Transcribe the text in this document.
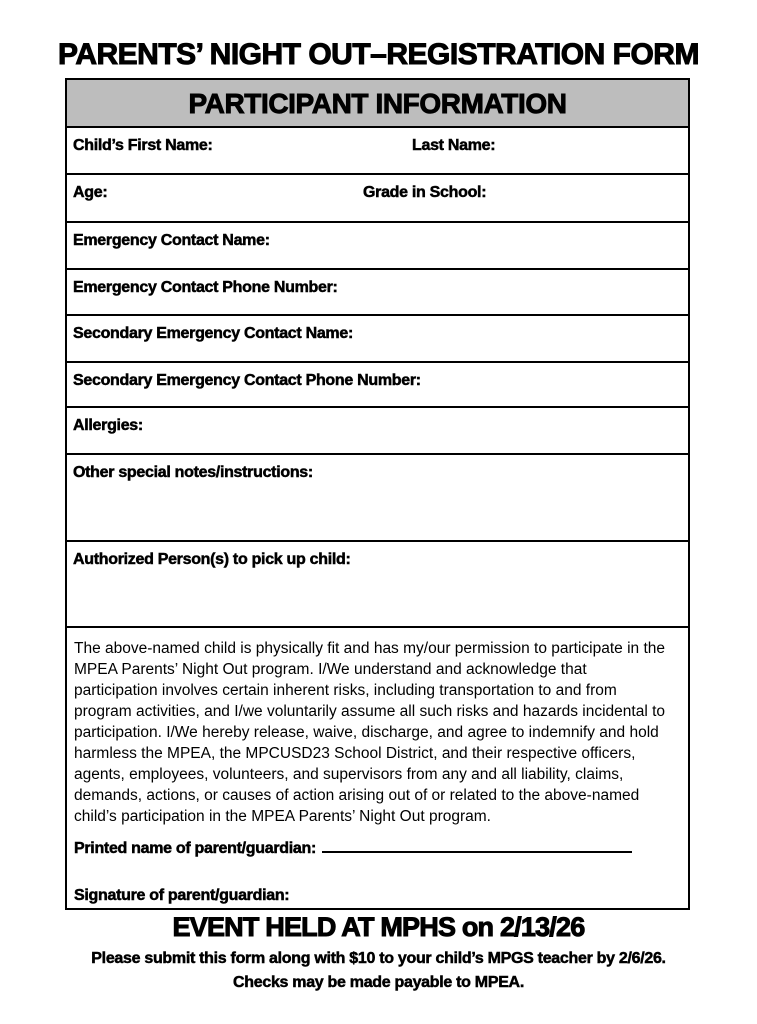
PARENTS’ NIGHT OUT–REGISTRATION FORM
PARTICIPANT INFORMATION
Child’s First Name:	Last Name:
Age:	Grade in School:
Emergency Contact Name:
Emergency Contact Phone Number:
Secondary Emergency Contact Name:
Secondary Emergency Contact Phone Number:
Allergies:
Other special notes/instructions:
Authorized Person(s) to pick up child:
The above-named child is physically fit and has my/our permission to participate in the MPEA Parents’ Night Out program. I/We understand and acknowledge that participation involves certain inherent risks, including transportation to and from program activities, and I/we voluntarily assume all such risks and hazards incidental to participation. I/We hereby release, waive, discharge, and agree to indemnify and hold harmless the MPEA, the MPCUSD23 School District, and their respective officers, agents, employees, volunteers, and supervisors from any and all liability, claims, demands, actions, or causes of action arising out of or related to the above-named child’s participation in the MPEA Parents’ Night Out program.
Printed name of parent/guardian:
Signature of parent/guardian:
EVENT HELD AT MPHS on 2/13/26
Please submit this form along with $10 to your child’s MPGS teacher by 2/6/26.
Checks may be made payable to MPEA.
